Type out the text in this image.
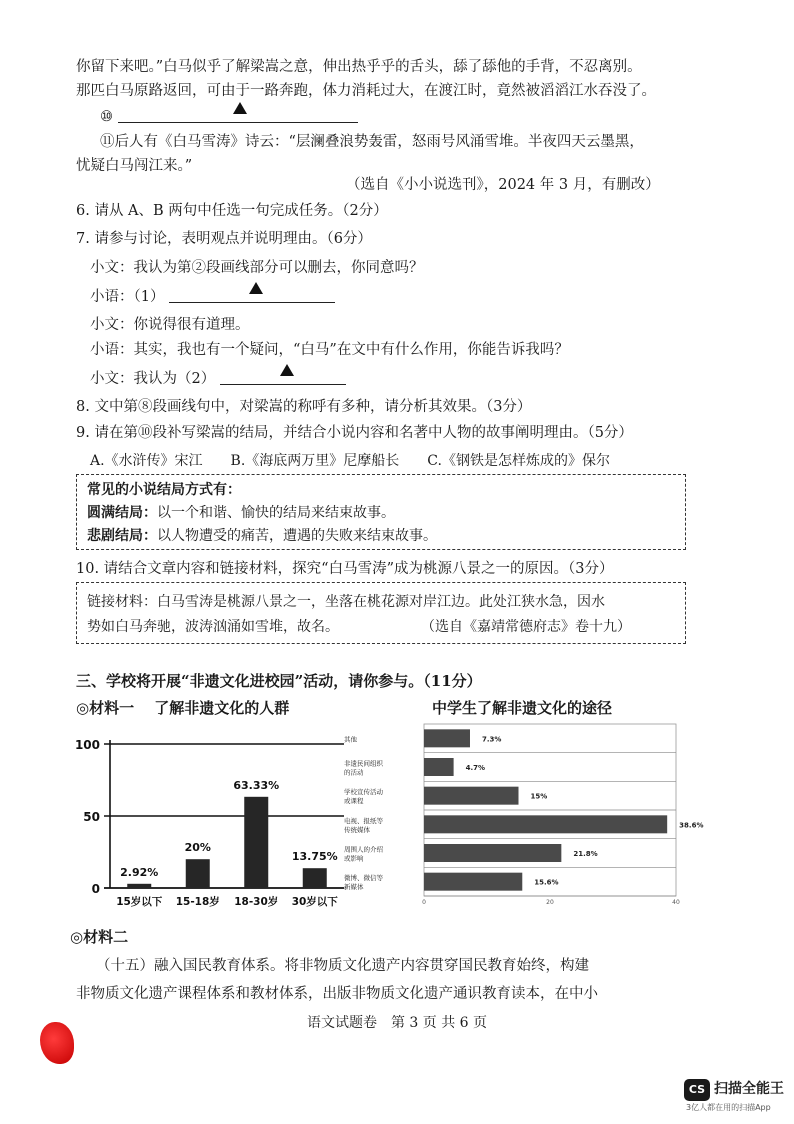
你留下来吧。”白马似乎了解梁嵩之意，伸出热乎乎的舌头，舔了舔他的手背，不忍离别。
那匹白马原路返回，可由于一路奔跑，体力消耗过大，在渡江时，竟然被滔滔江水吞没了。
⑩
⑪后人有《白马雪涛》诗云：“层澜叠浪势轰雷，怒雨号风涌雪堆。半夜四天云墨黑，
忧疑白马闯江来。”
（选自《小小说选刊》，2024 年 3 月，有删改）
6. 请从 A、B 两句中任选一句完成任务。（2分）
7. 请参与讨论，表明观点并说明理由。（6分）
小文：我认为第②段画线部分可以删去，你同意吗？
小语：（1）
小文：你说得很有道理。
小语：其实，我也有一个疑问，“白马”在文中有什么作用，你能告诉我吗？
小文：我认为（2）
8. 文中第⑧段画线句中，对梁嵩的称呼有多种，请分析其效果。（3分）
9. 请在第⑩段补写梁嵩的结局，并结合小说内容和名著中人物的故事阐明理由。（5分）
A.《水浒传》宋江　　B.《海底两万里》尼摩船长　　C.《钢铁是怎样炼成的》保尔
常见的小说结局方式有：
圆满结局：以一个和谐、愉快的结局来结束故事。
悲剧结局：以人物遭受的痛苦，遭遇的失败来结束故事。
10. 请结合文章内容和链接材料，探究“白马雪涛”成为桃源八景之一的原因。（3分）
链接材料：白马雪涛是桃源八景之一，坐落在桃花源对岸江边。此处江狭水急，因水
势如白马奔驰，波涛汹涌如雪堆，故名。	（选自《嘉靖常德府志》卷十九）
三、学校将开展“非遗文化进校园”活动，请你参与。（11分）
◎材料一　 了解非遗文化的人群	中学生了解非遗文化的途径
0
50
100
2.92%
15岁以下
20%
15-18岁
63.33%
18-30岁
13.75%
30岁以下	0	20	40
7.3%
其他
4.7%
非遗民间组织
的活动
15%
学校宣传活动
或课程
38.6%
电视、报纸等
传统媒体
21.8%
周围人的介绍
或影响
15.6%
微博、微信等
新媒体
◎材料二
（十五）融入国民教育体系。将非物质文化遗产内容贯穿国民教育始终，构建
非物质文化遗产课程体系和教材体系，出版非物质文化遗产通识教育读本，在中小
语文试题卷　第 3 页 共 6 页
CS 扫描全能王
3亿人都在用的扫描App
